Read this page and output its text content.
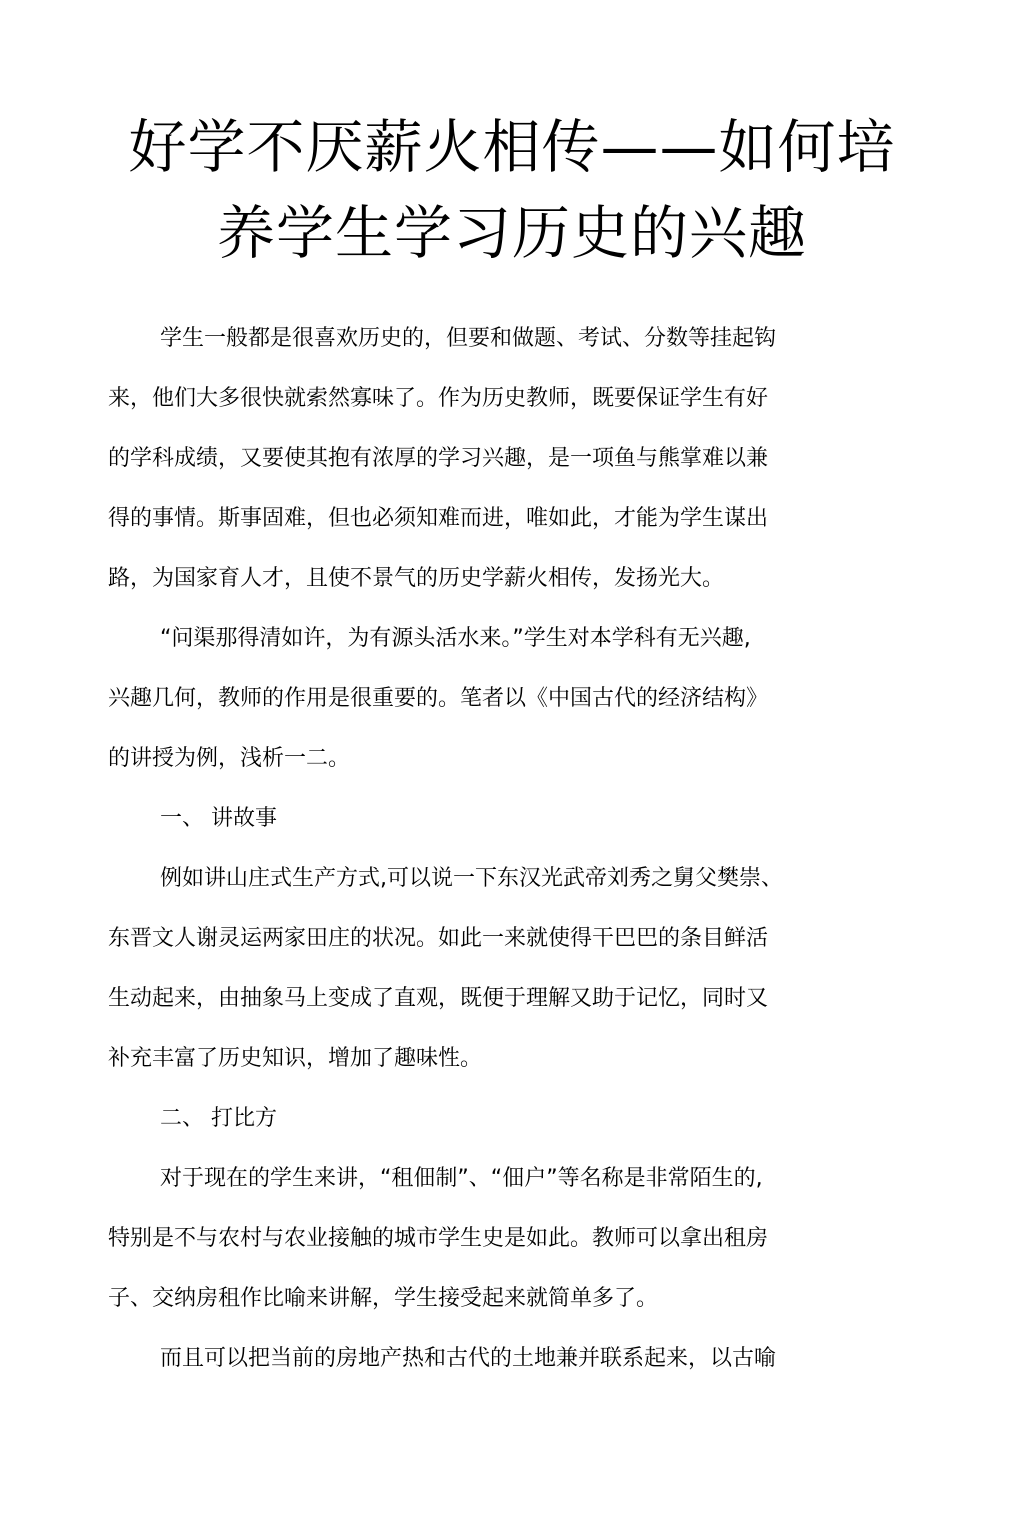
好学不厌薪火相传——如何培
养学生学习历史的兴趣
学生一般都是很喜欢历史的，但要和做题、考试、分数等挂起钩
来，他们大多很快就索然寡味了。作为历史教师，既要保证学生有好
的学科成绩，又要使其抱有浓厚的学习兴趣，是一项鱼与熊掌难以兼
得的事情。斯事固难，但也必须知难而进，唯如此，才能为学生谋出
路，为国家育人才，且使不景气的历史学薪火相传，发扬光大。
“问渠那得清如许，为有源头活水来。”学生对本学科有无兴趣,
兴趣几何，教师的作用是很重要的。笔者以《中国古代的经济结构》
的讲授为例，浅析一二。
一、 讲故事
例如讲山庄式生产方式,可以说一下东汉光武帝刘秀之舅父樊崇、
东晋文人谢灵运两家田庄的状况。如此一来就使得干巴巴的条目鲜活
生动起来，由抽象马上变成了直观，既便于理解又助于记忆，同时又
补充丰富了历史知识，增加了趣味性。
二、 打比方
对于现在的学生来讲，“租佃制”、“佃户”等名称是非常陌生的,
特别是不与农村与农业接触的城市学生史是如此。教师可以拿出租房
子、交纳房租作比喻来讲解，学生接受起来就简单多了。
而且可以把当前的房地产热和古代的土地兼并联系起来，以古喻
